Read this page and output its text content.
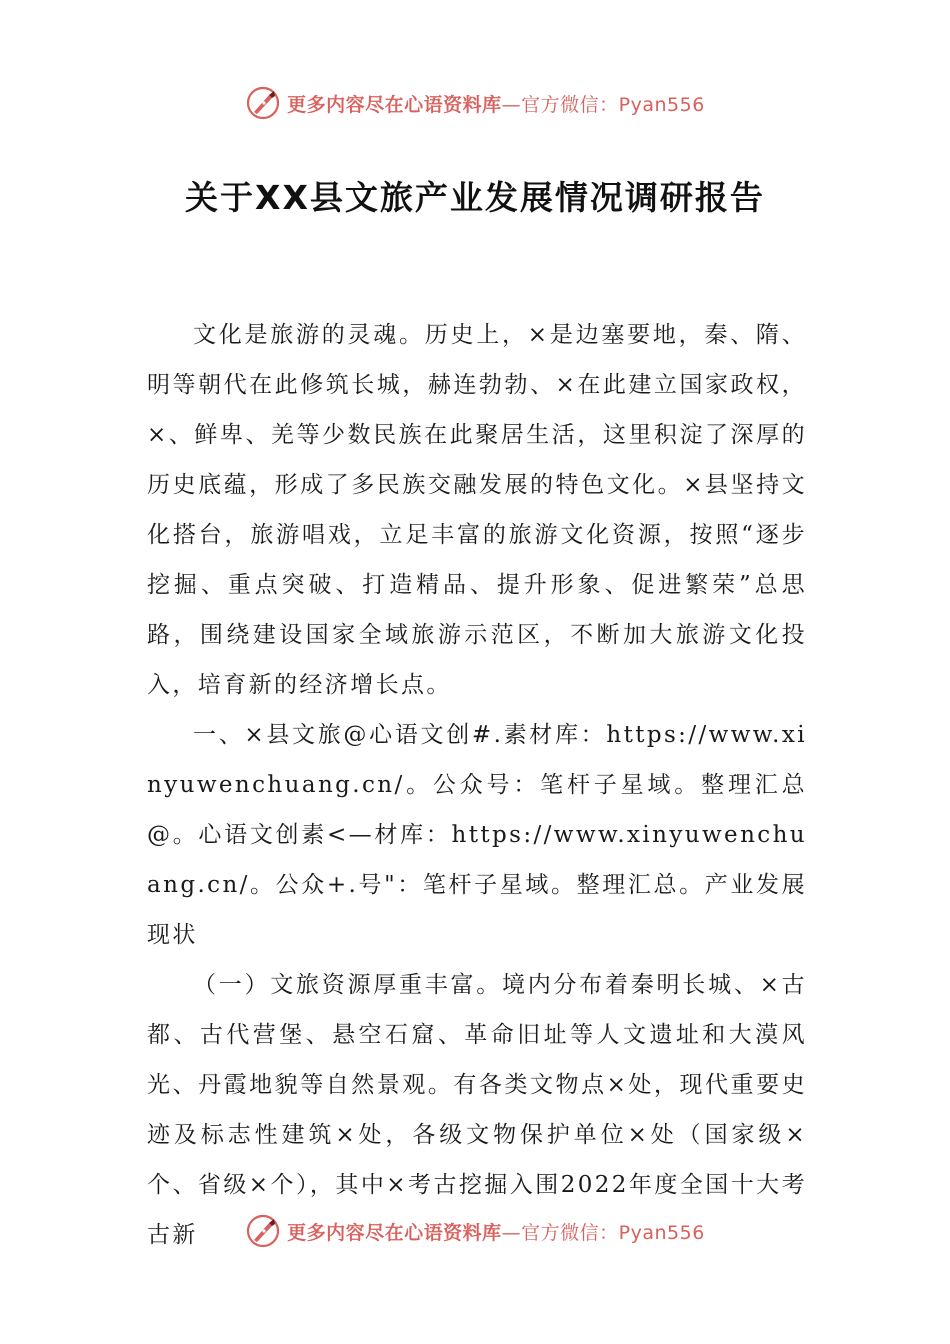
更多内容尽在心语资料库—官方微信：Pyan556
关于XX县文旅产业发展情况调研报告

文化是旅游的灵魂。历史上，×是边塞要地，秦、隋、明等朝代在此修筑长城，赫连勃勃、×在此建立国家政权，×、鲜卑、羌等少数民族在此聚居生活，这里积淀了深厚的历史底蕴，形成了多民族交融发展的特色文化。×县坚持文化搭台，旅游唱戏，立足丰富的旅游文化资源，按照“逐步挖掘、重点突破、打造精品、提升形象、促进繁荣”总思路，围绕建设国家全域旅游示范区，不断加大旅游文化投入，培育新的经济增长点。

一、×县文旅@心语文创#.素材库：https://www.xinyuwenchuang.cn/。公众号：笔杆子星域。整理汇总@。心语文创素<—材库：https://www.xinyuwenchuang.cn/。公众+.号"：笔杆子星域。整理汇总。产业发展现状

（一）文旅资源厚重丰富。境内分布着秦明长城、×古都、古代营堡、悬空石窟、革命旧址等人文遗址和大漠风光、丹霞地貌等自然景观。有各类文物点×处，现代重要史迹及标志性建筑×处，各级文物保护单位×处（国家级×个、省级×个），其中×考古挖掘入围2022年度全国十大考古新	更多内容尽在心语资料库—官方微信：Pyan556
